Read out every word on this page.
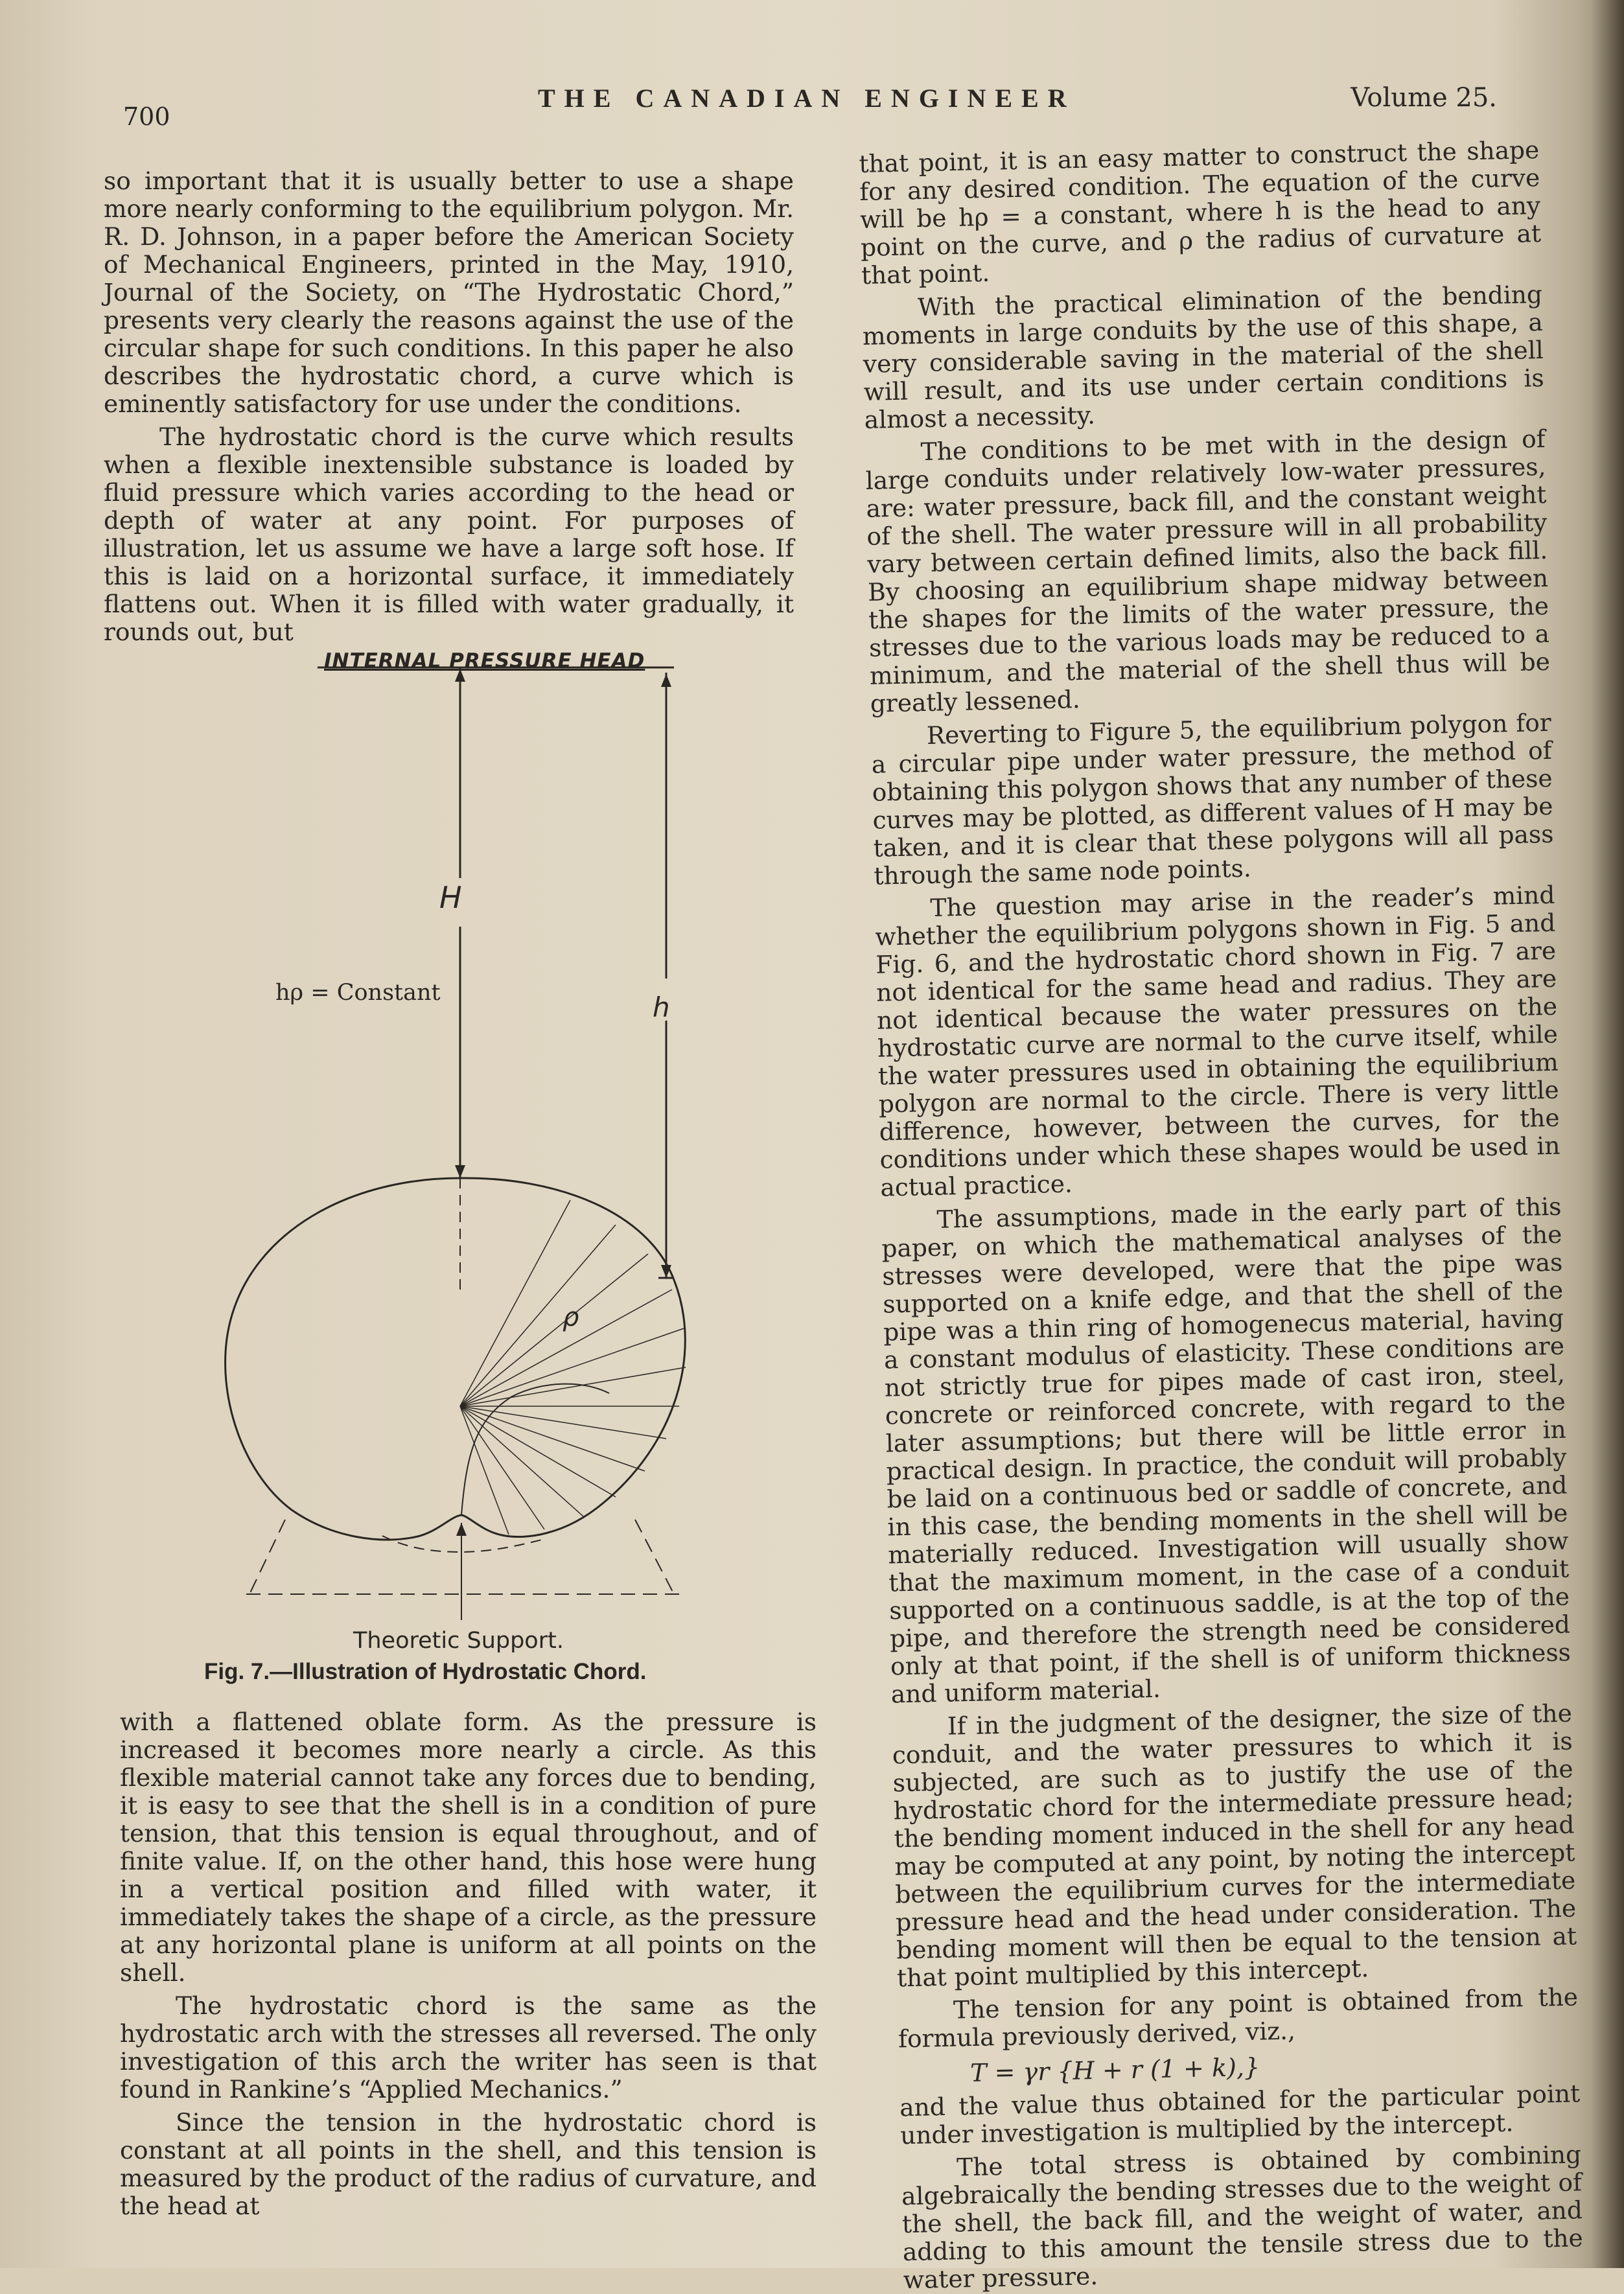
700
THE CANADIAN ENGINEER	Volume 25.

so important that it is usually better to use a shape more nearly conforming to the equilibrium polygon. Mr. R. D. Johnson, in a paper before the American Society of Mechanical Engineers, printed in the May, 1910, Journal of the Society, on “The Hydrostatic Chord,” presents very clearly the reasons against the use of the circular shape for such conditions. In this paper he also describes the hydrostatic chord, a curve which is eminently satisfactory for use under the conditions.

The hydrostatic chord is the curve which results when a flexible inextensible substance is loaded by fluid pressure which varies according to the head or depth of water at any point. For purposes of illustration, let us assume we have a large soft hose. If this is laid on a horizontal surface, it immediately flattens out. When it is filled with water gradually, it rounds out, but

INTERNAL PRESSURE HEAD
H
h
hρ = Constant
ρ
Theoretic Support.
Fig. 7.—Illustration of Hydrostatic Chord.

with a flattened oblate form. As the pressure is increased it becomes more nearly a circle. As this flexible material cannot take any forces due to bending, it is easy to see that the shell is in a condition of pure tension, that this tension is equal throughout, and of finite value. If, on the other hand, this hose were hung in a vertical position and filled with water, it immediately takes the shape of a circle, as the pressure at any horizontal plane is uniform at all points on the shell.

The hydrostatic chord is the same as the hydrostatic arch with the stresses all reversed. The only investigation of this arch the writer has seen is that found in Rankine’s “Applied Mechanics.”

Since the tension in the hydrostatic chord is constant at all points in the shell, and this tension is measured by the product of the radius of curvature, and the head at

that point, it is an easy matter to construct the shape for any desired condition. The equation of the curve will be hρ = a constant, where h is the head to any point on the curve, and ρ the radius of curvature at that point.

With the practical elimination of the bending moments in large conduits by the use of this shape, a very considerable saving in the material of the shell will result, and its use under certain conditions is almost a necessity.

The conditions to be met with in the design of large conduits under relatively low-water pressures, are: water pressure, back fill, and the constant weight of the shell. The water pressure will in all probability vary between certain defined limits, also the back fill. By choosing an equilibrium shape midway between the shapes for the limits of the water pressure, the stresses due to the various loads may be reduced to a minimum, and the material of the shell thus will be greatly lessened.

Reverting to Figure 5, the equilibrium polygon for a circular pipe under water pressure, the method of obtaining this polygon shows that any number of these curves may be plotted, as different values of H may be taken, and it is clear that these polygons will all pass through the same node points.

The question may arise in the reader’s mind whether the equilibrium polygons shown in Fig. 5 and Fig. 6, and the hydrostatic chord shown in Fig. 7 are not identical for the same head and radius. They are not identical because the water pressures on the hydrostatic curve are normal to the curve itself, while the water pressures used in obtaining the equilibrium polygon are normal to the circle. There is very little difference, however, between the curves, for the conditions under which these shapes would be used in actual practice.

The assumptions, made in the early part of this paper, on which the mathematical analyses of the stresses were developed, were that the pipe was supported on a knife edge, and that the shell of the pipe was a thin ring of homogenecus material, having a constant modulus of elasticity. These conditions are not strictly true for pipes made of cast iron, steel, concrete or reinforced concrete, with regard to the later assumptions; but there will be little error in practical design. In practice, the conduit will probably be laid on a continuous bed or saddle of concrete, and in this case, the bending moments in the shell will be materially reduced. Investigation will usually show that the maximum moment, in the case of a conduit supported on a continuous saddle, is at the top of the pipe, and therefore the strength need be considered only at that point, if the shell is of uniform thickness and uniform material.

If in the judgment of the designer, the size of the conduit, and the water pressures to which it is subjected, are such as to justify the use of the hydrostatic chord for the intermediate pressure head; the bending moment induced in the shell for any head may be computed at any point, by noting the intercept between the equilibrium curves for the intermediate pressure head and the head under consideration. The bending moment will then be equal to the tension at that point multiplied by this intercept.

The tension for any point is obtained from the formula previously derived, viz.,

T = γr {H + r (1 + k),}

and the value thus obtained for the particular point under investigation is multiplied by the intercept.

The total stress is obtained by combining algebraically the bending stresses due to the weight of the shell, the back fill, and the weight of water, and adding to this amount the tensile stress due to the water pressure.
